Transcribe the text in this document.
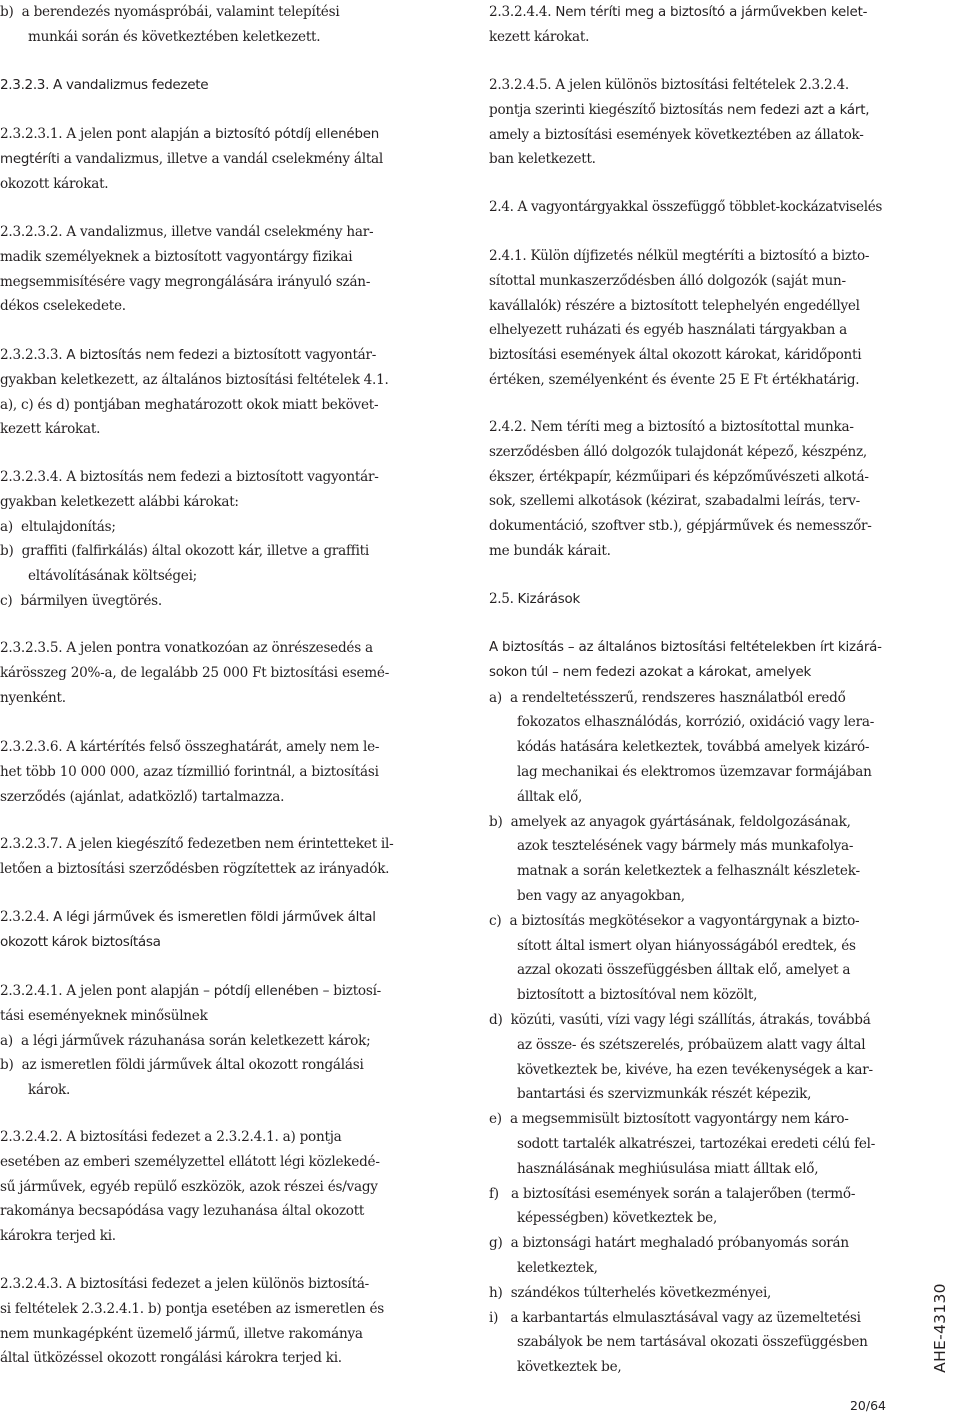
b)  a berendezés nyomáspróbái, valamint telepítési
munkái során és következtében keletkezett.
2.3.2.3. A vandalizmus fedezete
2.3.2.3.1. A jelen pont alapján a biztosító pótdíj ellenében
megtéríti a vandalizmus, illetve a vandál cselekmény által
okozott károkat.
2.3.2.3.2. A vandalizmus, illetve vandál cselekmény har-
madik személyeknek a biztosított vagyontárgy fizikai
megsemmisítésére vagy megrongálására irányuló szán-
dékos cselekedete.
2.3.2.3.3. A biztosítás nem fedezi a biztosított vagyontár-
gyakban keletkezett, az általános biztosítási feltételek 4.1.
a), c) és d) pontjában meghatározott okok miatt bekövet-
kezett károkat.
2.3.2.3.4. A biztosítás nem fedezi a biztosított vagyontár-
gyakban keletkezett alábbi károkat:
a)  eltulajdonítás;
b)  graffiti (falfirkálás) által okozott kár, illetve a graffiti
eltávolításának költségei;
c)  bármilyen üvegtörés.
2.3.2.3.5. A jelen pontra vonatkozóan az önrészesedés a
kárösszeg 20%-a, de legalább 25 000 Ft biztosítási esemé-
nyenként.
2.3.2.3.6. A kártérítés felső összeghatárát, amely nem le-
het több 10 000 000, azaz tízmillió forintnál, a biztosítási
szerződés (ajánlat, adatközlő) tartalmazza.
2.3.2.3.7. A jelen kiegészítő fedezetben nem érintetteket il-
letően a biztosítási szerződésben rögzítettek az irányadók.
2.3.2.4. A légi járművek és ismeretlen földi járművek által
okozott károk biztosítása
2.3.2.4.1. A jelen pont alapján – pótdíj ellenében – biztosí-
tási eseményeknek minősülnek
a)  a légi járművek rázuhanása során keletkezett károk;
b)  az ismeretlen földi járművek által okozott rongálási
károk.
2.3.2.4.2. A biztosítási fedezet a 2.3.2.4.1. a) pontja
esetében az emberi személyzettel ellátott légi közlekedé-
sű járművek, egyéb repülő eszközök, azok részei és/vagy
rakománya becsapódása vagy lezuhanása által okozott
károkra terjed ki.
2.3.2.4.3. A biztosítási fedezet a jelen különös biztosítá-
si feltételek 2.3.2.4.1. b) pontja esetében az ismeretlen és
nem munkagépként üzemelő jármű, illetve rakománya
által ütközéssel okozott rongálási károkra terjed ki.
2.3.2.4.4. Nem téríti meg a biztosító a járművekben kelet-
kezett károkat.
2.3.2.4.5. A jelen különös biztosítási feltételek 2.3.2.4.
pontja szerinti kiegészítő biztosítás nem fedezi azt a kárt,
amely a biztosítási események következtében az állatok-
ban keletkezett.
2.4. A vagyontárgyakkal összefüggő többlet-kockázatviselés
2.4.1. Külön díjfizetés nélkül megtéríti a biztosító a bizto-
sítottal munkaszerződésben álló dolgozók (saját mun-
kavállalók) részére a biztosított telephelyén engedéllyel
elhelyezett ruházati és egyéb használati tárgyakban a
biztosítási események által okozott károkat, káridőponti
értéken, személyenként és évente 25 E Ft értékhatárig.
2.4.2. Nem téríti meg a biztosító a biztosítottal munka-
szerződésben álló dolgozók tulajdonát képező, készpénz,
ékszer, értékpapír, kézműipari és képzőművészeti alkotá-
sok, szellemi alkotások (kézirat, szabadalmi leírás, terv-
dokumentáció, szoftver stb.), gépjárművek és nemesszőr-
me bundák kárait.
2.5. Kizárások
A biztosítás – az általános biztosítási feltételekben írt kizárá-
sokon túl – nem fedezi azokat a károkat, amelyek
a)  a rendeltetésszerű, rendszeres használatból eredő
fokozatos elhasználódás, korrózió, oxidáció vagy lera-
kódás hatására keletkeztek, továbbá amelyek kizáró-
lag mechanikai és elektromos üzemzavar formájában
álltak elő,
b)  amelyek az anyagok gyártásának, feldolgozásának,
azok tesztelésének vagy bármely más munkafolya-
matnak a során keletkeztek a felhasznált készletek-
ben vagy az anyagokban,
c)  a biztosítás megkötésekor a vagyontárgynak a bizto-
sított által ismert olyan hiányosságából eredtek, és
azzal okozati összefüggésben álltak elő, amelyet a
biztosított a biztosítóval nem közölt,
d)  közúti, vasúti, vízi vagy légi szállítás, átrakás, továbbá
az össze- és szétszerelés, próbaüzem alatt vagy által
következtek be, kivéve, ha ezen tevékenységek a kar-
bantartási és szervizmunkák részét képezik,
e)  a megsemmisült biztosított vagyontárgy nem káro-
sodott tartalék alkatrészei, tartozékai eredeti célú fel-
használásának meghiúsulása miatt álltak elő,
f)   a biztosítási események során a talajerőben (termő-
képességben) következtek be,
g)  a biztonsági határt meghaladó próbanyomás során
keletkeztek,
h)  szándékos túlterhelés következményei,
i)   a karbantartás elmulasztásával vagy az üzemeltetési
szabályok be nem tartásával okozati összefüggésben
következtek be,	AHE-43130
20/64
